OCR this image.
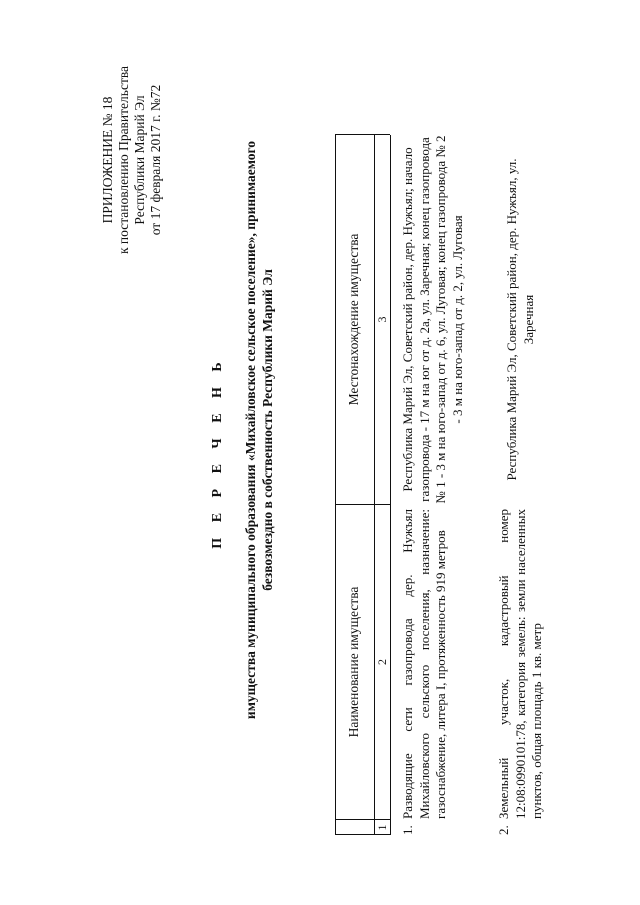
ПРИЛОЖЕНИЕ № 18 к постановлению Правительства Республики Марий Эл от 17 февраля 2017 г. №72
П Е Р Е Ч Е Н Ь имущества муниципального образования «Михайловское сельское поселение», принимаемого безвозмездно в собственность Республики Марий Эл
Наименование имущества
Местонахождение имущества
1
2
3
1.
Разводящие сети газопровода дер. Нужъял Михайловского сельского поселения, назначение: газоснабжение, литера I, протяженность 919 метров
Республика Марий Эл, Советский район, дер. Нужъял; начало газопровода - 17 м на юг от д. 2а, ул. Заречная; конец газопровода № 1 - 3 м на юго-запад от д. 6, ул. Луговая; конец газопровода № 2 - 3 м на юго-запад от д. 2, ул. Луговая
2.
Земельный участок, кадастровый номер 12:08:0990101:78, категория земель: земли населенных пунктов, общая площадь 1 кв. метр
Республика Марий Эл, Советский район, дер. Нужъял, ул. Заречная
